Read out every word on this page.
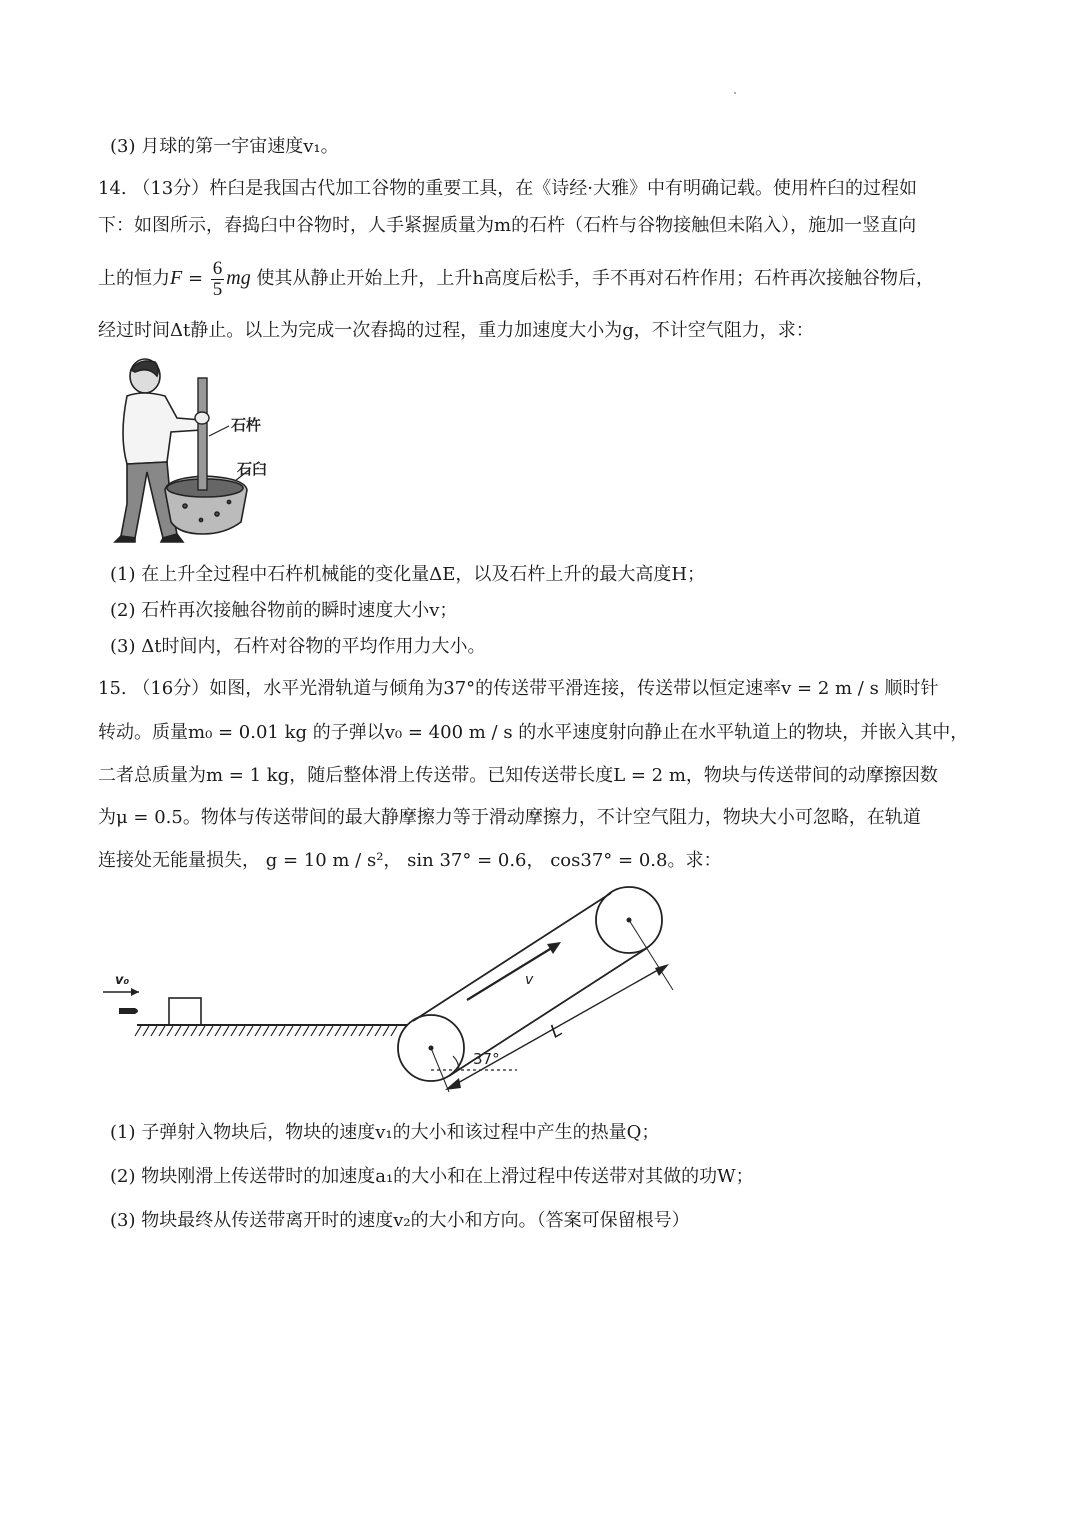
(3) 月球的第一宇宙速度v₁。
14. （13分）杵臼是我国古代加工谷物的重要工具，在《诗经·大雅》中有明确记载。使用杵臼的过程如
下：如图所示，舂捣臼中谷物时，人手紧握质量为m的石杵（石杵与谷物接触但未陷入），施加一竖直向
上的恒力$F = \frac{6}{5}$ mg 使其从静止开始上升，上升h高度后松手，手不再对石杵作用；石杵再次接触谷物后，
经过时间Δt静止。以上为完成一次舂捣的过程，重力加速度大小为g，不计空气阻力，求：
石杵
石臼
(1) 在上升全过程中石杵机械能的变化量ΔE，以及石杵上升的最大高度H；
(2) 石杵再次接触谷物前的瞬时速度大小v；
(3) Δt时间内，石杵对谷物的平均作用力大小。
15. （16分）如图，水平光滑轨道与倾角为37°的传送带平滑连接，传送带以恒定速率v = 2 m / s 顺时针
转动。质量m₀ = 0.01 kg 的子弹以v₀ = 400 m / s 的水平速度射向静止在水平轨道上的物块，并嵌入其中，
二者总质量为m = 1 kg，随后整体滑上传送带。已知传送带长度L = 2 m，物块与传送带间的动摩擦因数
为μ = 0.5。物体与传送带间的最大静摩擦力等于滑动摩擦力，不计空气阻力，物块大小可忽略，在轨道
连接处无能量损失， g = 10 m / s²， sin 37° = 0.6， cos37° = 0.8。求：
v₀	v
L
37°
(1) 子弹射入物块后，物块的速度v₁的大小和该过程中产生的热量Q；
(2) 物块刚滑上传送带时的加速度a₁的大小和在上滑过程中传送带对其做的功W；
(3) 物块最终从传送带离开时的速度v₂的大小和方向。（答案可保留根号）
